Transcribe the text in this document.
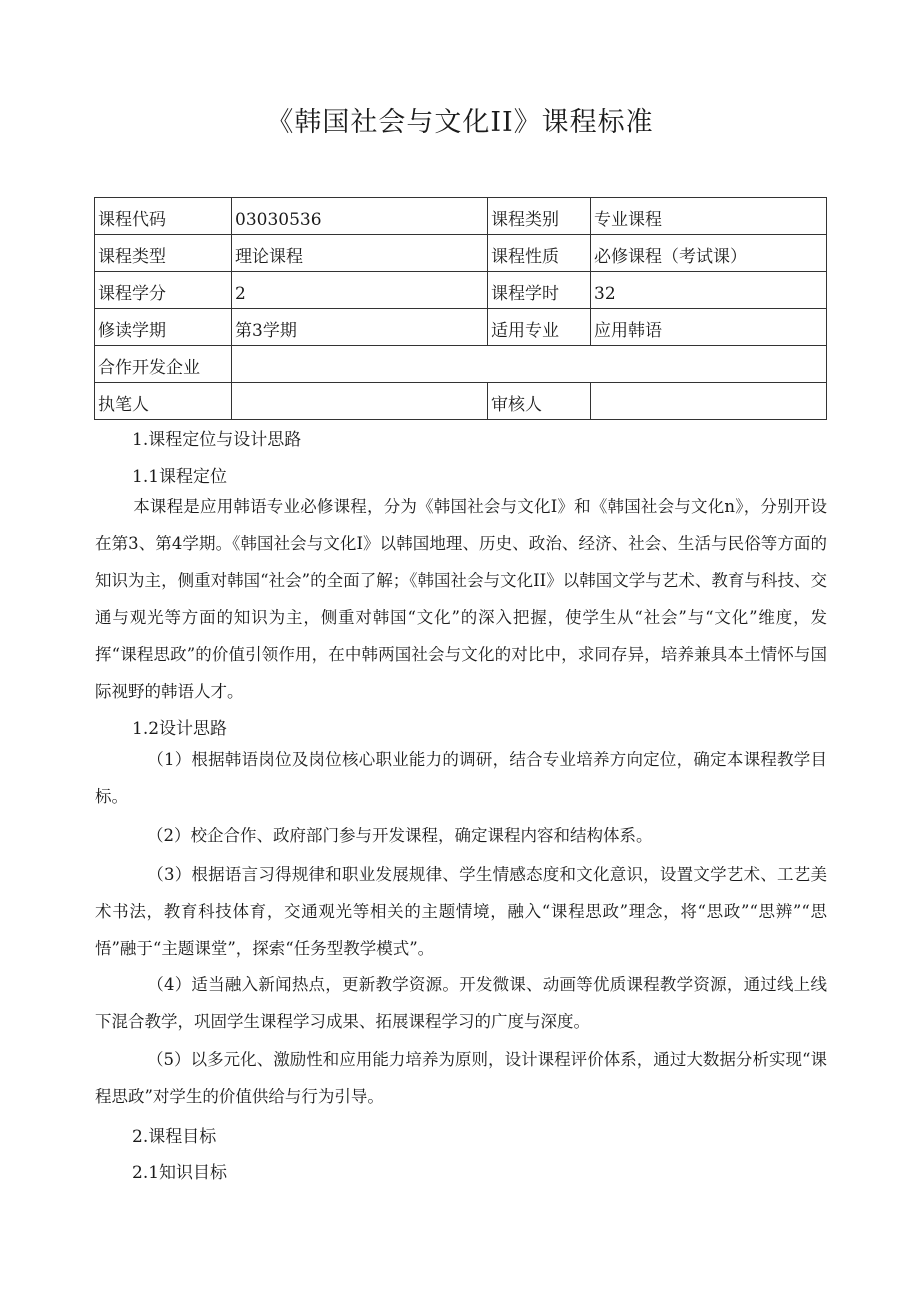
《韩国社会与文化II》课程标准
课程代码	03030536	课程类别	专业课程
课程类型	理论课程	课程性质	必修课程（考试课）
课程学分	2	课程学时	32
修读学期	第3学期	适用专业	应用韩语
合作开发企业			
执笔人		审核人	
1.课程定位与设计思路
1.1课程定位
本课程是应用韩语专业必修课程，分为《韩国社会与文化I》和《韩国社会与文化n》，分别开设在第3、第4学期。《韩国社会与文化I》以韩国地理、历史、政治、经济、社会、生活与民俗等方面的知识为主，侧重对韩国“社会”的全面了解；《韩国社会与文化II》以韩国文学与艺术、教育与科技、交通与观光等方面的知识为主，侧重对韩国“文化”的深入把握，使学生从“社会”与“文化”维度，发挥“课程思政”的价值引领作用，在中韩两国社会与文化的对比中，求同存异，培养兼具本土情怀与国际视野的韩语人才。
1.2设计思路
（1）根据韩语岗位及岗位核心职业能力的调研，结合专业培养方向定位，确定本课程教学目标。
（2）校企合作、政府部门参与开发课程，确定课程内容和结构体系。
（3）根据语言习得规律和职业发展规律、学生情感态度和文化意识，设置文学艺术、工艺美术书法，教育科技体育，交通观光等相关的主题情境，融入“课程思政”理念，将“思政”“思辨”“思悟”融于“主题课堂”，探索“任务型教学模式”。
（4）适当融入新闻热点，更新教学资源。开发微课、动画等优质课程教学资源，通过线上线下混合教学，巩固学生课程学习成果、拓展课程学习的广度与深度。
（5）以多元化、激励性和应用能力培养为原则，设计课程评价体系，通过大数据分析实现“课程思政”对学生的价值供给与行为引导。
2.课程目标
2.1知识目标
